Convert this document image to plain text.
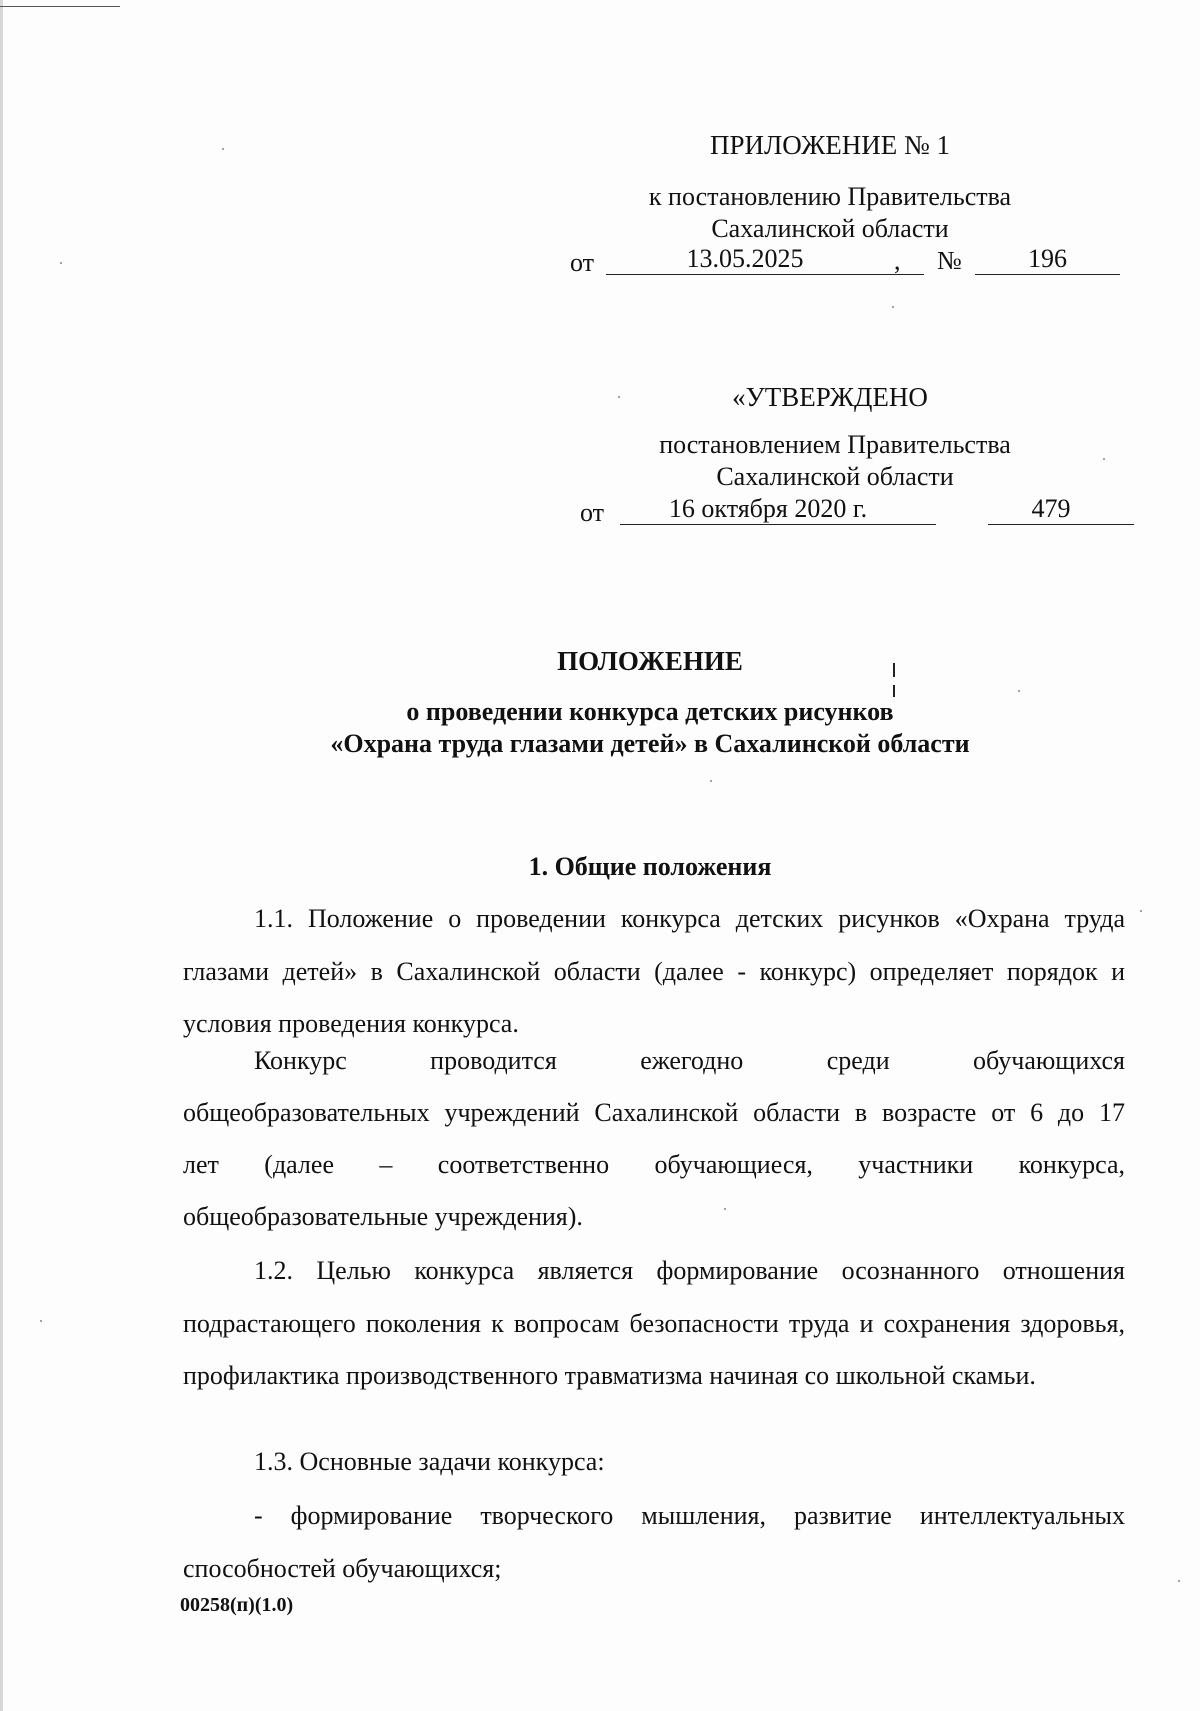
ПРИЛОЖЕНИЕ № 1
к постановлению Правительства
Сахалинской области
от	13.05.2025	, №	196
«УТВЕРЖДЕНО
постановлением Правительства
Сахалинской области
от	16 октября 2020 г.	479
ПОЛОЖЕНИЕ
о проведении конкурса детских рисунков
«Охрана труда глазами детей» в Сахалинской области
1. Общие положения
1.1. Положение о проведении конкурса детских рисунков «Охрана труда глазами детей» в Сахалинской области (далее - конкурс) определяет порядок и условия проведения конкурса.
Конкурс проводится ежегодно среди обучающихся
общеобразовательных учреждений Сахалинской области в возрасте от 6 до 17
лет (далее – соответственно обучающиеся, участники конкурса,
общеобразовательные учреждения).
1.2. Целью конкурса является формирование осознанного отношения подрастающего поколения к вопросам безопасности труда и сохранения здоровья, профилактика производственного травматизма начиная со школьной скамьи.
1.3. Основные задачи конкурса:
- формирование творческого мышления, развитие интеллектуальных способностей обучающихся;
00258(п)(1.0)
